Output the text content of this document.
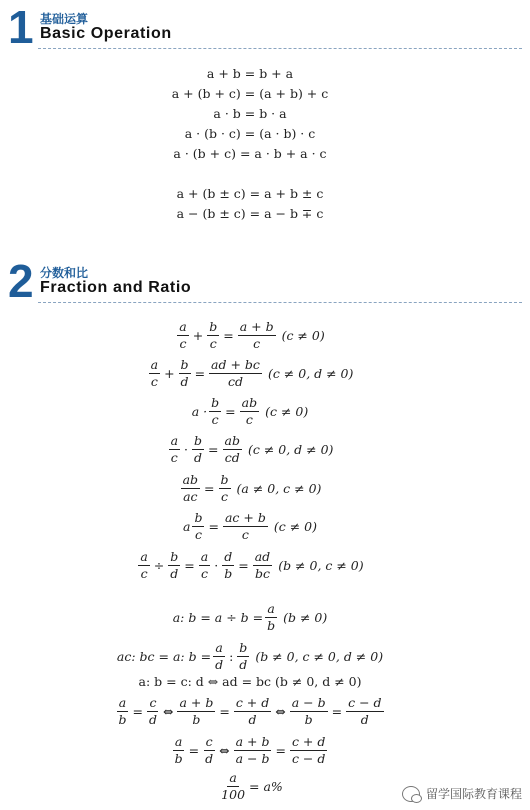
1 基础运算
Basic Operation
a + b = b + a
a + (b + c) = (a + b) + c
a · b = b · a
a · (b · c) = (a · b) · c
a · (b + c) = a · b + a · c
a + (b ± c) = a + b ± c
a − (b ± c) = a − b ∓ c
2 分数和比
Fraction and Ratio
$\frac{a}{c} + \frac{b}{c} = \frac{a + b}{c} (c \ne 0)$
$\frac{a}{c} + \frac{b}{d} = \frac{ad + bc}{cd} (c \ne 0$, d ≠ 0)
$a \cdot \frac{b}{c} = \frac{ab}{c} (c \ne 0)$
$\frac{a}{c} \cdot \frac{b}{d} = \frac{ab}{cd} (c \ne 0$, d ≠ 0)
$\frac{ab}{ac} = \frac{b}{c} (a \ne 0$, c ≠ 0)
a $\frac{b}{c} = \frac{ac + b}{c} (c \ne 0)$
$\frac{a}{c} \div \frac{b}{d} = \frac{a}{c} \cdot \frac{d}{b} = \frac{ad}{bc} (b \ne 0$, c ≠ 0)
a: $b = a \div b = \frac{a}{b} (b \ne 0)$
ac: bc = a: $b = \frac{a}{d}$ : $\frac{b}{d} (b \ne 0$, c ≠ 0, d ≠ 0)
a: b = c: d ⇔ ad = bc (b ≠ 0, d ≠ 0)
$\frac{a}{b} = \frac{c}{d}$ ⇔ $\frac{a + b}{b} = \frac{c + d}{d}$ ⇔ $\frac{a - b}{b} = \frac{c - d}{d}$
$\frac{a}{b} = \frac{c}{d}$ ⇔ $\frac{a + b}{a - b} = \frac{c + d}{c - d}$
$\frac{a}{100} = a\%$
留学国际教育课程
